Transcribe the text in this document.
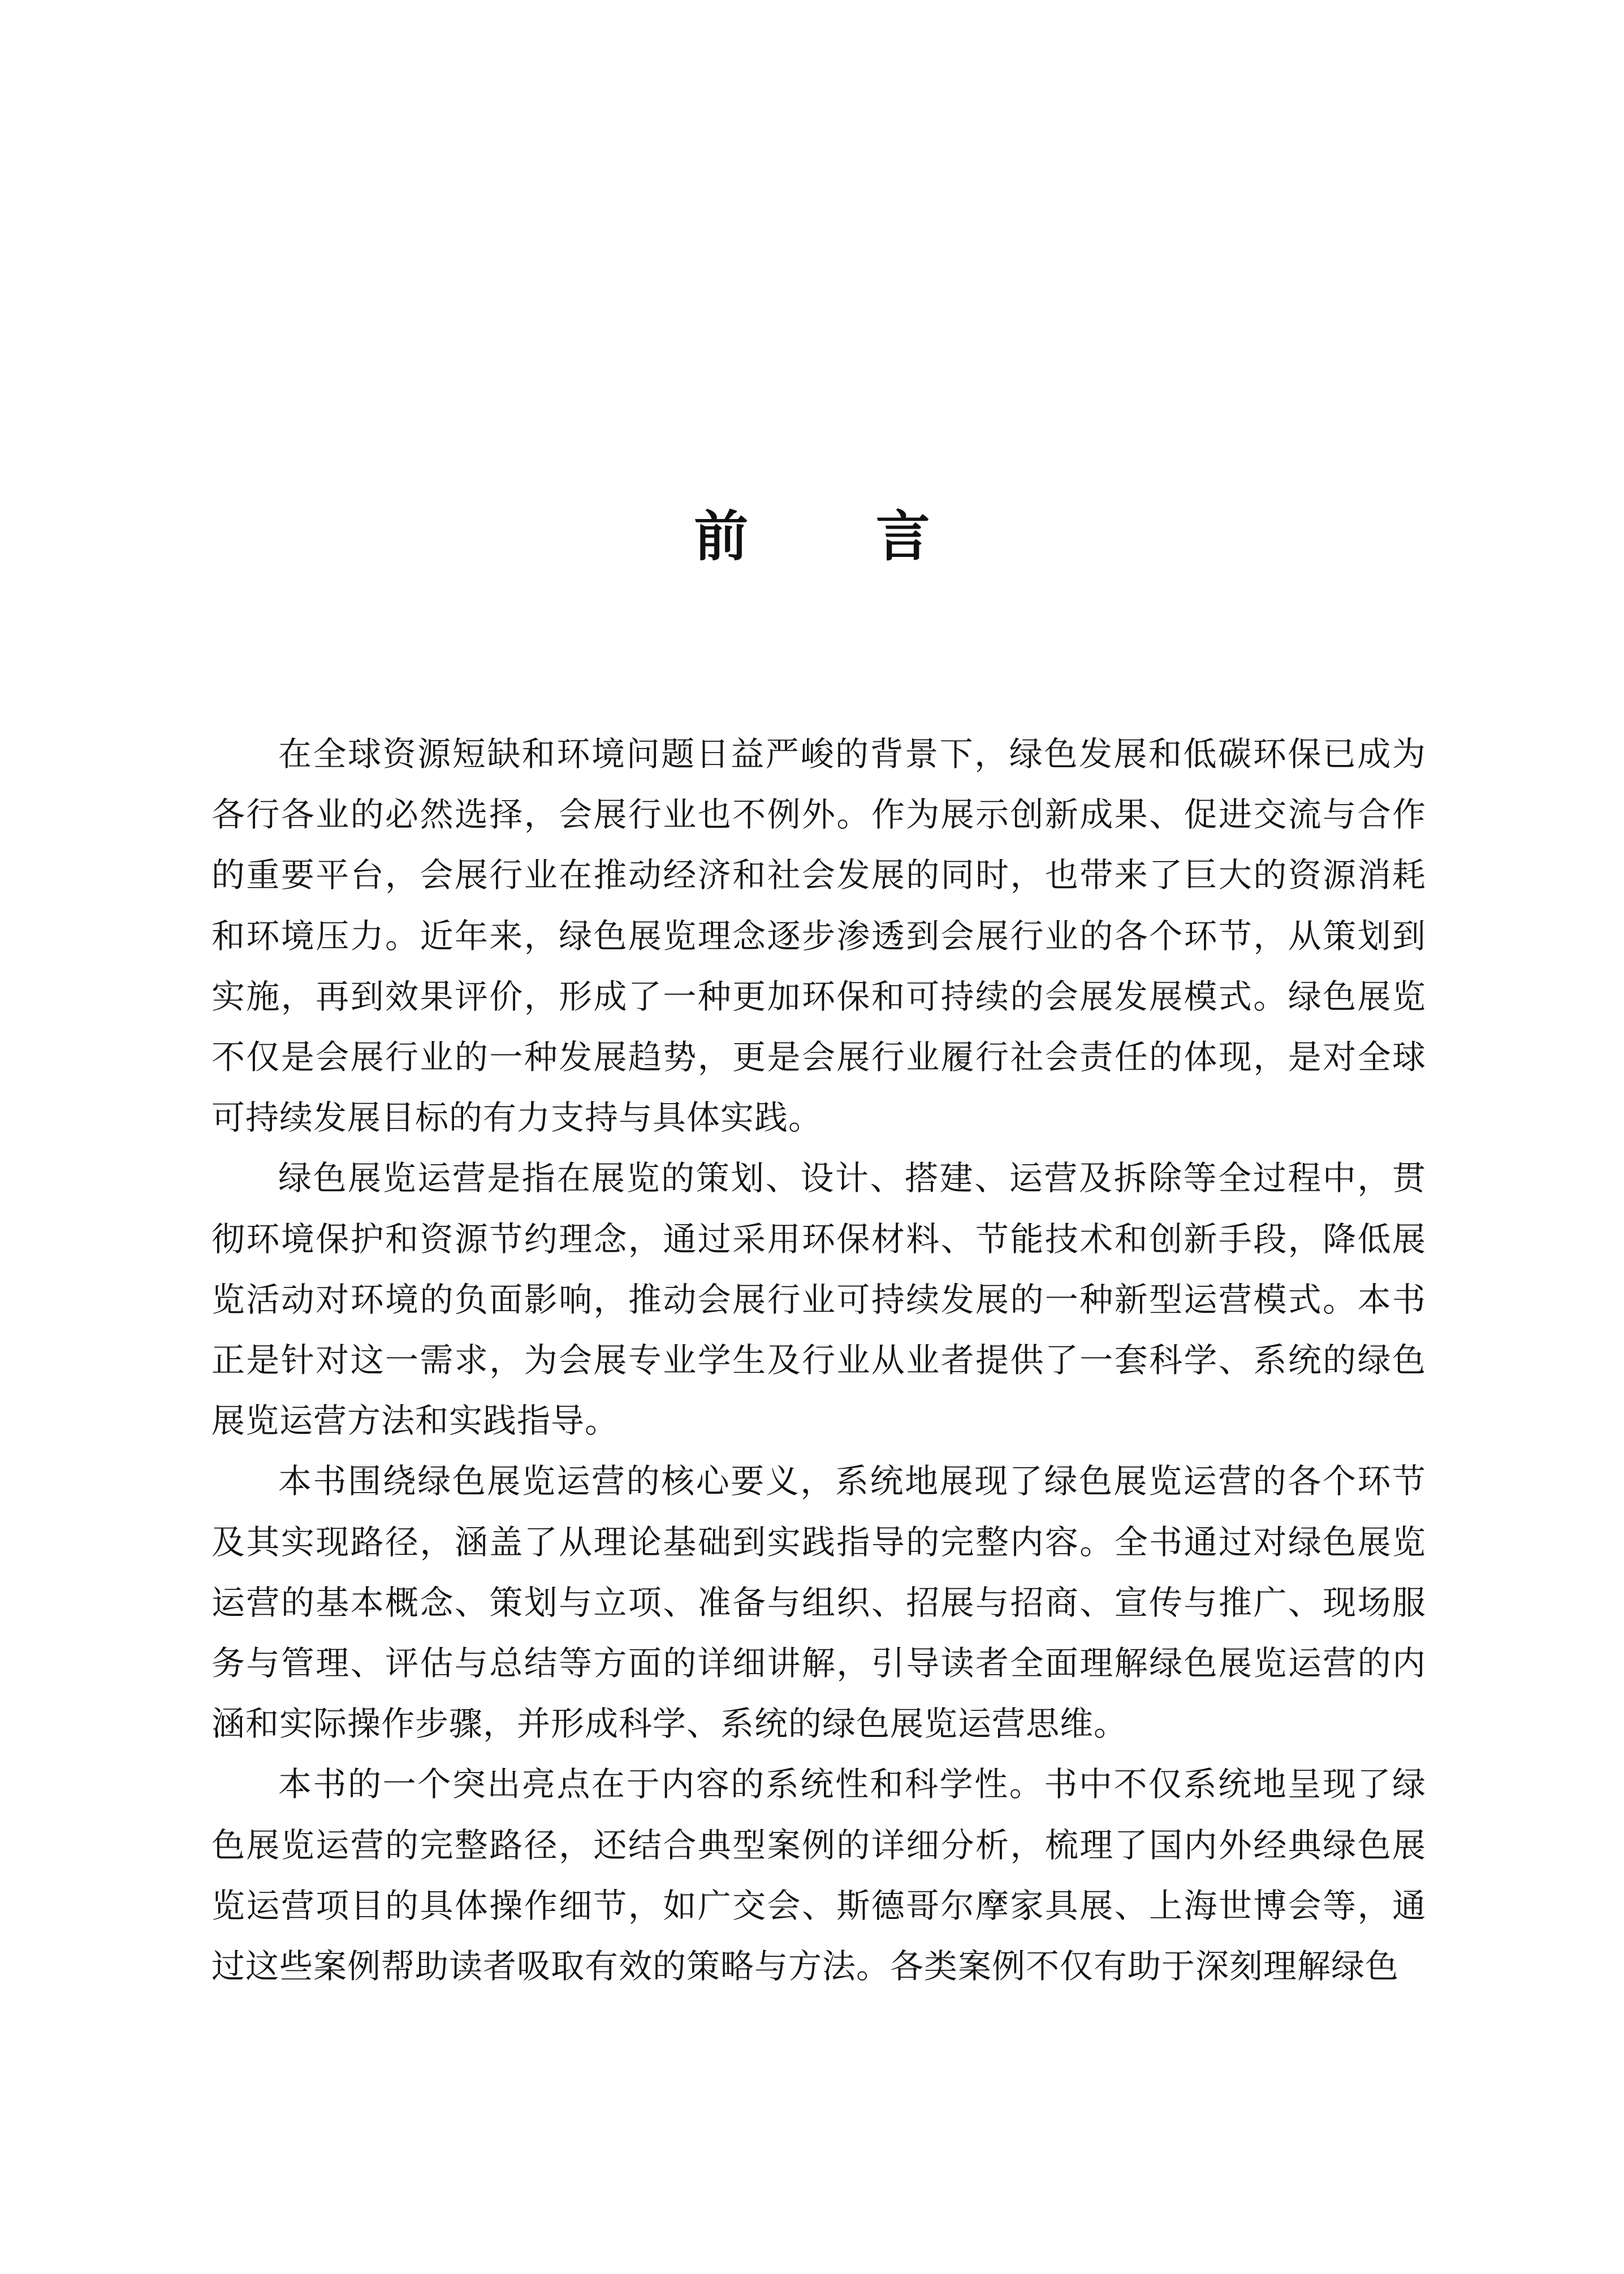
前 言

在全球资源短缺和环境问题日益严峻的背景下，绿色发展和低碳环保已成为各行各业的必然选择，会展行业也不例外。作为展示创新成果、促进交流与合作的重要平台，会展行业在推动经济和社会发展的同时，也带来了巨大的资源消耗和环境压力。近年来，绿色展览理念逐步渗透到会展行业的各个环节，从策划到实施，再到效果评价，形成了一种更加环保和可持续的会展发展模式。绿色展览不仅是会展行业的一种发展趋势，更是会展行业履行社会责任的体现，是对全球可持续发展目标的有力支持与具体实践。

绿色展览运营是指在展览的策划、设计、搭建、运营及拆除等全过程中，贯彻环境保护和资源节约理念，通过采用环保材料、节能技术和创新手段，降低展览活动对环境的负面影响，推动会展行业可持续发展的一种新型运营模式。本书正是针对这一需求，为会展专业学生及行业从业者提供了一套科学、系统的绿色展览运营方法和实践指导。

本书围绕绿色展览运营的核心要义，系统地展现了绿色展览运营的各个环节及其实现路径，涵盖了从理论基础到实践指导的完整内容。全书通过对绿色展览运营的基本概念、策划与立项、准备与组织、招展与招商、宣传与推广、现场服务与管理、评估与总结等方面的详细讲解，引导读者全面理解绿色展览运营的内涵和实际操作步骤，并形成科学、系统的绿色展览运营思维。

本书的一个突出亮点在于内容的系统性和科学性。书中不仅系统地呈现了绿色展览运营的完整路径，还结合典型案例的详细分析，梳理了国内外经典绿色展览运营项目的具体操作细节，如广交会、斯德哥尔摩家具展、上海世博会等，通过这些案例帮助读者吸取有效的策略与方法。各类案例不仅有助于深刻理解绿色
